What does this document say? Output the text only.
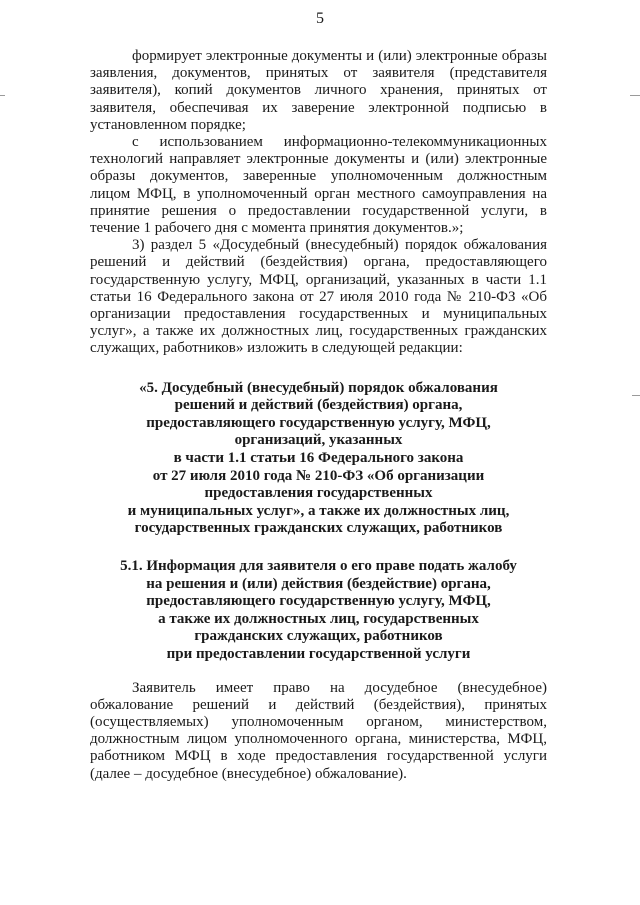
5

формирует электронные документы и (или) электронные образы заявления, документов, принятых от заявителя (представителя заявителя), копий документов личного хранения, принятых от заявителя, обеспечивая их заверение электронной подписью в установленном порядке;

с использованием информационно-телекоммуникационных технологий направляет электронные документы и (или) электронные образы документов, заверенные уполномоченным должностным лицом МФЦ, в уполномоченный орган местного самоуправления на принятие решения о предоставлении государственной услуги, в течение 1 рабочего дня с момента принятия документов.»;

3) раздел 5 «Досудебный (внесудебный) порядок обжалования решений и действий (бездействия) органа, предоставляющего государственную услугу, МФЦ, организаций, указанных в части 1.1 статьи 16 Федерального закона от 27 июля 2010 года № 210-ФЗ «Об организации предоставления государственных и муниципальных услуг», а также их должностных лиц, государственных гражданских служащих, работников» изложить в следующей редакции:

«5. Досудебный (внесудебный) порядок обжалования
решений и действий (бездействия) органа,
предоставляющего государственную услугу, МФЦ,
организаций, указанных
в части 1.1 статьи 16 Федерального закона
от 27 июля 2010 года № 210-ФЗ «Об организации
предоставления государственных
и муниципальных услуг», а также их должностных лиц,
государственных гражданских служащих, работников
5.1. Информация для заявителя о его праве подать жалобу
на решения и (или) действия (бездействие) органа,
предоставляющего государственную услугу, МФЦ,
а также их должностных лиц, государственных
гражданских служащих, работников
при предоставлении государственной услуги

Заявитель имеет право на досудебное (внесудебное) обжалование решений и действий (бездействия), принятых (осуществляемых) уполномоченным органом, министерством, должностным лицом уполномоченного органа, министерства, МФЦ, работником МФЦ в ходе предоставления государственной услуги (далее – досудебное (внесудебное) обжалование).
